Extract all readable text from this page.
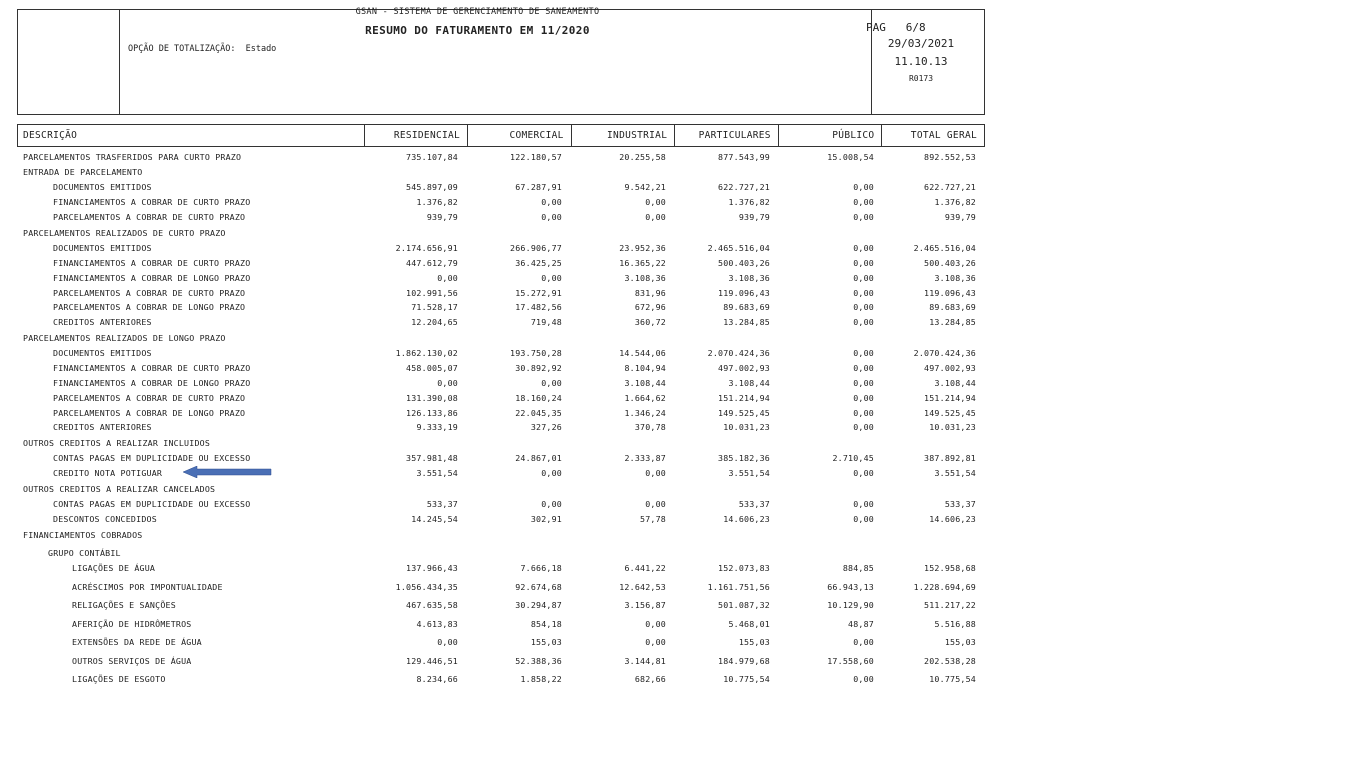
GSAN - SISTEMA DE GERENCIAMENTO DE SANEAMENTO
RESUMO DO FATURAMENTO EM 11/2020
OPÇÃO DE TOTALIZAÇÃO: Estado
PAG   6/8
29/03/2021
11.10.13
R0173
DESCRIÇÃO	RESIDENCIAL	COMERCIAL	INDUSTRIAL	PARTICULARES	PÚBLICO	TOTAL GERAL
PARCELAMENTOS TRASFERIDOS PARA CURTO PRAZO	735.107,84	122.180,57	20.255,58	877.543,99	15.008,54	892.552,53
ENTRADA DE PARCELAMENTO
DOCUMENTOS EMITIDOS	545.897,09	67.287,91	9.542,21	622.727,21	0,00	622.727,21
FINANCIAMENTOS A COBRAR DE CURTO PRAZO	1.376,82	0,00	0,00	1.376,82	0,00	1.376,82
PARCELAMENTOS A COBRAR DE CURTO PRAZO	939,79	0,00	0,00	939,79	0,00	939,79
PARCELAMENTOS REALIZADOS DE CURTO PRAZO
DOCUMENTOS EMITIDOS	2.174.656,91	266.906,77	23.952,36	2.465.516,04	0,00	2.465.516,04
FINANCIAMENTOS A COBRAR DE CURTO PRAZO	447.612,79	36.425,25	16.365,22	500.403,26	0,00	500.403,26
FINANCIAMENTOS A COBRAR DE LONGO PRAZO	0,00	0,00	3.108,36	3.108,36	0,00	3.108,36
PARCELAMENTOS A COBRAR DE CURTO PRAZO	102.991,56	15.272,91	831,96	119.096,43	0,00	119.096,43
PARCELAMENTOS A COBRAR DE LONGO PRAZO	71.528,17	17.482,56	672,96	89.683,69	0,00	89.683,69
CREDITOS ANTERIORES	12.204,65	719,48	360,72	13.284,85	0,00	13.284,85
PARCELAMENTOS REALIZADOS DE LONGO PRAZO
DOCUMENTOS EMITIDOS	1.862.130,02	193.750,28	14.544,06	2.070.424,36	0,00	2.070.424,36
FINANCIAMENTOS A COBRAR DE CURTO PRAZO	458.005,07	30.892,92	8.104,94	497.002,93	0,00	497.002,93
FINANCIAMENTOS A COBRAR DE LONGO PRAZO	0,00	0,00	3.108,44	3.108,44	0,00	3.108,44
PARCELAMENTOS A COBRAR DE CURTO PRAZO	131.390,08	18.160,24	1.664,62	151.214,94	0,00	151.214,94
PARCELAMENTOS A COBRAR DE LONGO PRAZO	126.133,86	22.045,35	1.346,24	149.525,45	0,00	149.525,45
CREDITOS ANTERIORES	9.333,19	327,26	370,78	10.031,23	0,00	10.031,23
OUTROS CREDITOS A REALIZAR INCLUIDOS
CONTAS PAGAS EM DUPLICIDADE OU EXCESSO	357.981,48	24.867,01	2.333,87	385.182,36	2.710,45	387.892,81
CREDITO NOTA POTIGUAR	3.551,54	0,00	0,00	3.551,54	0,00	3.551,54
OUTROS CREDITOS A REALIZAR CANCELADOS
CONTAS PAGAS EM DUPLICIDADE OU EXCESSO	533,37	0,00	0,00	533,37	0,00	533,37
DESCONTOS CONCEDIDOS	14.245,54	302,91	57,78	14.606,23	0,00	14.606,23
FINANCIAMENTOS COBRADOS
GRUPO CONTÁBIL
LIGAÇÕES DE ÁGUA	137.966,43	7.666,18	6.441,22	152.073,83	884,85	152.958,68
ACRÉSCIMOS POR IMPONTUALIDADE	1.056.434,35	92.674,68	12.642,53	1.161.751,56	66.943,13	1.228.694,69
RELIGAÇÕES E SANÇÕES	467.635,58	30.294,87	3.156,87	501.087,32	10.129,90	511.217,22
AFERIÇÃO DE HIDRÔMETROS	4.613,83	854,18	0,00	5.468,01	48,87	5.516,88
EXTENSÕES DA REDE DE ÁGUA	0,00	155,03	0,00	155,03	0,00	155,03
OUTROS SERVIÇOS DE ÁGUA	129.446,51	52.388,36	3.144,81	184.979,68	17.558,60	202.538,28
LIGAÇÕES DE ESGOTO	8.234,66	1.858,22	682,66	10.775,54	0,00	10.775,54
